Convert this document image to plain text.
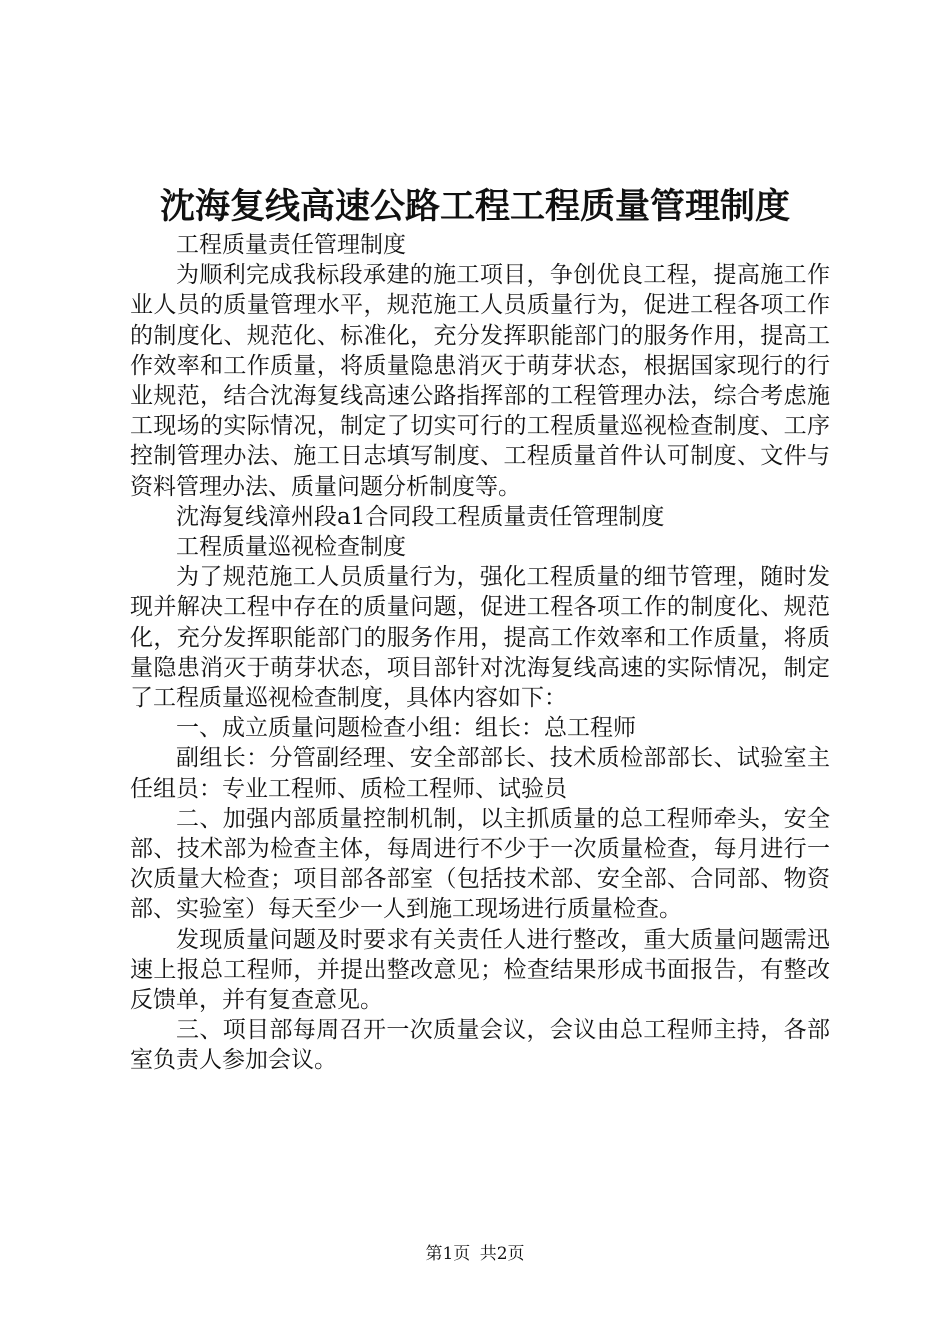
沈海复线高速公路工程工程质量管理制度

工程质量责任管理制度

为顺利完成我标段承建的施工项目，争创优良工程，提高施工作业人员的质量管理水平，规范施工人员质量行为，促进工程各项工作的制度化、规范化、标准化，充分发挥职能部门的服务作用，提高工作效率和工作质量，将质量隐患消灭于萌芽状态，根据国家现行的行业规范，结合沈海复线高速公路指挥部的工程管理办法，综合考虑施工现场的实际情况，制定了切实可行的工程质量巡视检查制度、工序控制管理办法、施工日志填写制度、工程质量首件认可制度、文件与资料管理办法、质量问题分析制度等。

沈海复线漳州段a1合同段工程质量责任管理制度

工程质量巡视检查制度

为了规范施工人员质量行为，强化工程质量的细节管理，随时发现并解决工程中存在的质量问题，促进工程各项工作的制度化、规范化，充分发挥职能部门的服务作用，提高工作效率和工作质量，将质量隐患消灭于萌芽状态，项目部针对沈海复线高速的实际情况，制定了工程质量巡视检查制度，具体内容如下：

一、成立质量问题检查小组：组长：总工程师

副组长：分管副经理、安全部部长、技术质检部部长、试验室主任组员：专业工程师、质检工程师、试验员

二、加强内部质量控制机制，以主抓质量的总工程师牵头，安全部、技术部为检查主体，每周进行不少于一次质量检查，每月进行一次质量大检查；项目部各部室（包括技术部、安全部、合同部、物资部、实验室）每天至少一人到施工现场进行质量检查。

发现质量问题及时要求有关责任人进行整改，重大质量问题需迅速上报总工程师，并提出整改意见；检查结果形成书面报告，有整改反馈单，并有复查意见。

三、项目部每周召开一次质量会议，会议由总工程师主持，各部室负责人参加会议。

第1页 共2页
